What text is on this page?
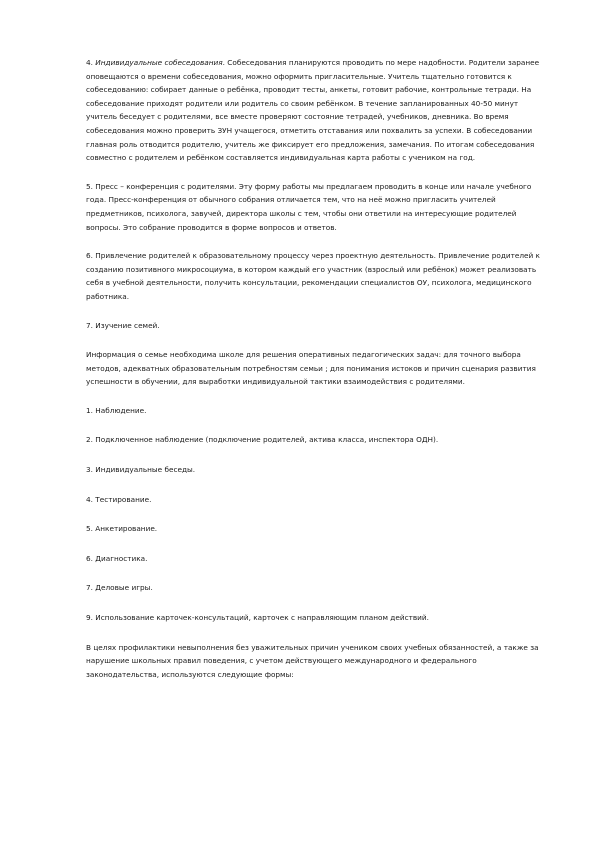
4. Индивидуальные собеседования. Собеседования планируются проводить по мере надобности. Родители заранее оповещаются о времени собеседования, можно оформить пригласительные. Учитель тщательно готовится к собеседованию: собирает данные о ребёнка, проводит тесты, анкеты, готовит рабочие, контрольные тетради. На собеседование приходят родители или родитель со своим ребёнком. В течение запланированных 40-50 минут учитель беседует с родителями, все вместе проверяют состояние тетрадей, учебников, дневника. Во время собеседования можно проверить ЗУН учащегося, отметить отставания или похвалить за успехи. В собеседовании главная роль отводится родителю, учитель же фиксирует его предложения, замечания. По итогам собеседования совместно с родителем и ребёнком составляется индивидуальная карта работы с учеником на год.

5. Пресс – конференция с родителями. Эту форму работы мы предлагаем проводить в конце или начале учебного года. Пресс-конференция от обычного собрания отличается тем, что на неё можно пригласить учителей предметников, психолога, завучей, директора школы с тем, чтобы они ответили на интересующие родителей вопросы. Это собрание проводится в форме вопросов и ответов.

6. Привлечение родителей к образовательному процессу через проектную деятельность. Привлечение родителей к созданию позитивного микросоциума, в котором каждый его участник (взрослый или ребёнок) может реализовать себя в учебной деятельности, получить консультации, рекомендации специалистов ОУ, психолога, медицинского работника.

7. Изучение семей.

Информация о семье необходима школе для решения оперативных педагогических задач: для точного выбора методов, адекватных образовательным потребностям семьи ; для понимания истоков и причин сценария развития успешности в обучении, для выработки индивидуальной тактики взаимодействия с родителями.

1. Наблюдение.

2. Подключенное наблюдение (подключение родителей, актива класса, инспектора ОДН).

3. Индивидуальные беседы.

4. Тестирование.

5. Анкетирование.

6. Диагностика.

7. Деловые игры.

9. Использование карточек-консультаций, карточек с направляющим планом действий.

В целях профилактики невыполнения без уважительных причин учеником своих учебных обязанностей, а также за нарушение школьных правил поведения, с учетом действующего международного и федерального законодательства, используются следующие формы:
